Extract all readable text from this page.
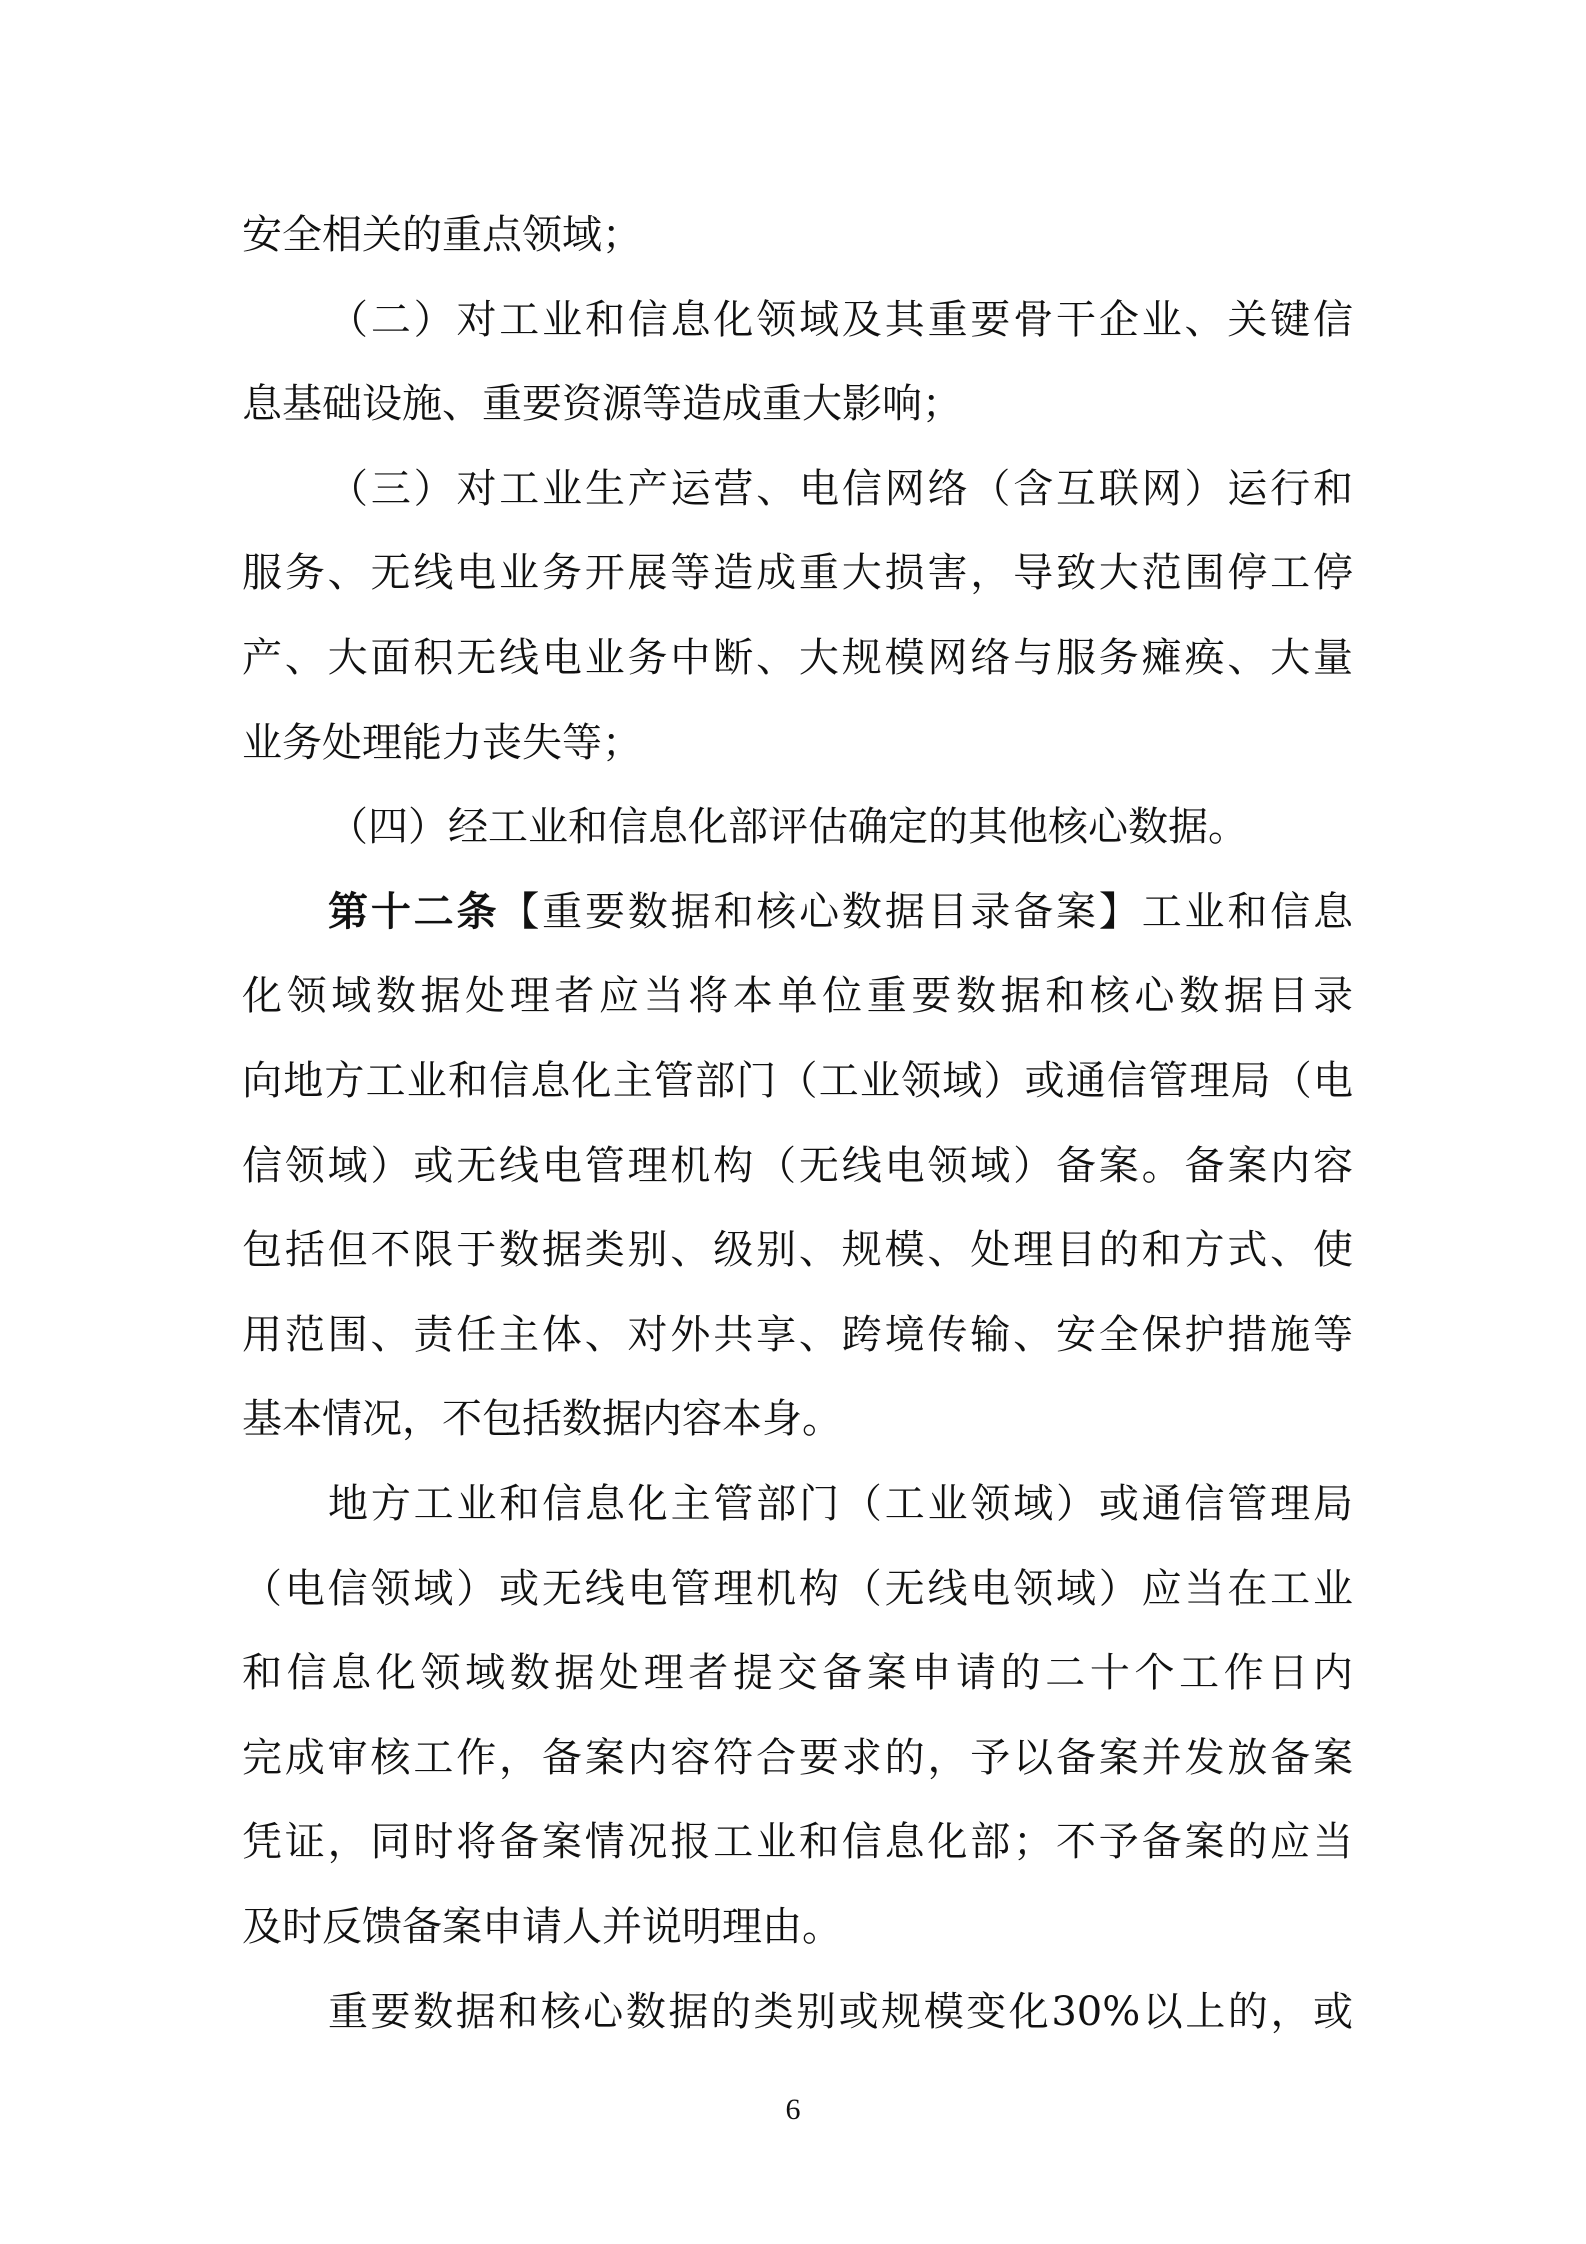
6
安全相关的重点领域；
（二）对工业和信息化领域及其重要骨干企业、关键信
息基础设施、重要资源等造成重大影响；
（三）对工业生产运营、电信网络（含互联网）运行和
服务、无线电业务开展等造成重大损害，导致大范围停工停
产、大面积无线电业务中断、大规模网络与服务瘫痪、大量
业务处理能力丧失等；
（四）经工业和信息化部评估确定的其他核心数据。
第十二条【重要数据和核心数据目录备案】工业和信息
化领域数据处理者应当将本单位重要数据和核心数据目录
向地方工业和信息化主管部门（工业领域）或通信管理局（电
信领域）或无线电管理机构（无线电领域）备案。备案内容
包括但不限于数据类别、级别、规模、处理目的和方式、使
用范围、责任主体、对外共享、跨境传输、安全保护措施等
基本情况，不包括数据内容本身。
地方工业和信息化主管部门（工业领域）或通信管理局
（电信领域）或无线电管理机构（无线电领域）应当在工业
和信息化领域数据处理者提交备案申请的二十个工作日内
完成审核工作，备案内容符合要求的，予以备案并发放备案
凭证，同时将备案情况报工业和信息化部；不予备案的应当
及时反馈备案申请人并说明理由。
重要数据和核心数据的类别或规模变化30%以上的，或
